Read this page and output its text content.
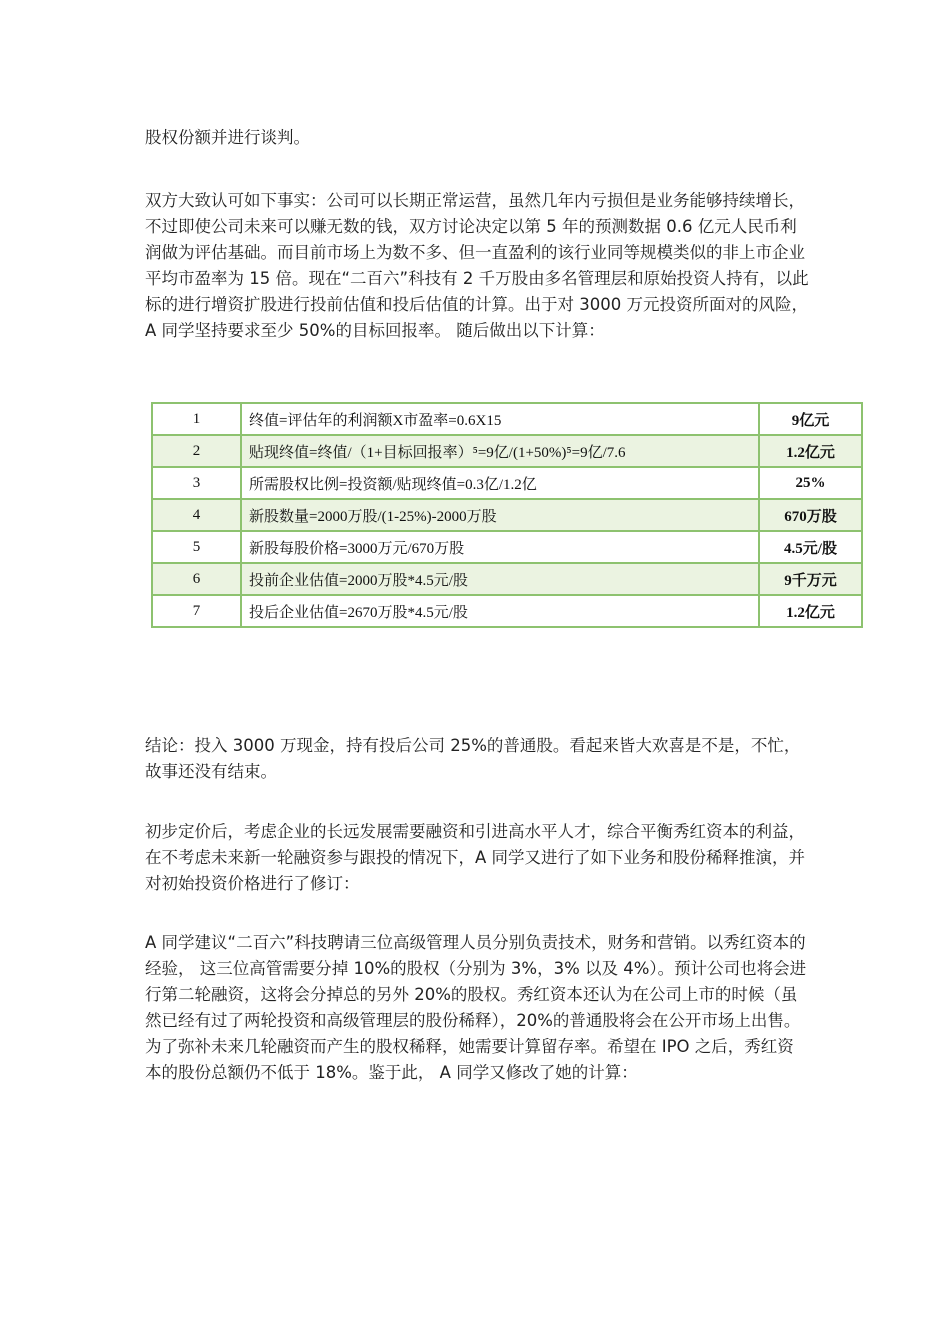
股权份额并进行谈判。

双方大致认可如下事实：公司可以长期正常运营，虽然几年内亏损但是业务能够持续增长，不过即使公司未来可以赚无数的钱，双方讨论决定以第 5 年的预测数据 0.6 亿元人民币利润做为评估基础。而目前市场上为数不多、但一直盈利的该行业同等规模类似的非上市企业平均市盈率为 15 倍。现在“二百六”科技有 2 千万股由多名管理层和原始投资人持有，以此标的进行增资扩股进行投前估值和投后估值的计算。出于对 3000 万元投资所面对的风险，A 同学坚持要求至少 50%的目标回报率。 随后做出以下计算：

1	终值=评估年的利润额X市盈率=0.6X15	9亿元
2	贴现终值=终值/（1+目标回报率）⁵=9亿/(1+50%)⁵=9亿/7.6	1.2亿元
3	所需股权比例=投资额/贴现终值=0.3亿/1.2亿	25%
4	新股数量=2000万股/(1-25%)-2000万股	670万股
5	新股每股价格=3000万元/670万股	4.5元/股
6	投前企业估值=2000万股*4.5元/股	9千万元
7	投后企业估值=2670万股*4.5元/股	1.2亿元

结论：投入 3000 万现金，持有投后公司 25%的普通股。看起来皆大欢喜是不是，不忙，故事还没有结束。

初步定价后，考虑企业的长远发展需要融资和引进高水平人才，综合平衡秀红资本的利益，在不考虑未来新一轮融资参与跟投的情况下，A 同学又进行了如下业务和股份稀释推演，并对初始投资价格进行了修订：

A 同学建议“二百六”科技聘请三位高级管理人员分别负责技术，财务和营销。以秀红资本的经验， 这三位高管需要分掉 10%的股权（分别为 3%，3% 以及 4%）。预计公司也将会进行第二轮融资，这将会分掉总的另外 20%的股权。秀红资本还认为在公司上市的时候（虽然已经有过了两轮投资和高级管理层的股份稀释），20%的普通股将会在公开市场上出售。为了弥补未来几轮融资而产生的股权稀释，她需要计算留存率。希望在 IPO 之后，秀红资本的股份总额仍不低于 18%。鉴于此， A 同学又修改了她的计算：
